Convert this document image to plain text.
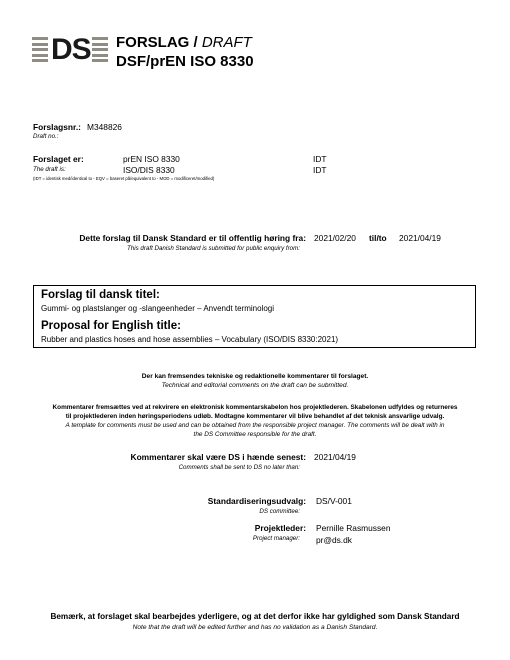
DS FORSLAG / DRAFT
DSF/prEN ISO 8330
Forslagsnr.:
Draft no.:
M348826
Forslaget er:
The draft is:
prEN ISO 8330	IDT
ISO/DIS 8330	IDT
(IDT = identisk med/identical to - EQV = baseret på/equivalent to - MOD = modificeret/modified)
Dette forslag til Dansk Standard er til offentlig høring fra:
This draft Danish Standard is submitted for public enquiry from:
2021/02/20 til/to 2021/04/19
Forslag til dansk titel:
Gummi- og plastslanger og -slangeenheder – Anvendt terminologi
Proposal for English title:
Rubber and plastics hoses and hose assemblies – Vocabulary (ISO/DIS 8330:2021)
Der kan fremsendes tekniske og redaktionelle kommentarer til forslaget.
Technical and editorial comments on the draft can be submitted.
Kommentarer fremsættes ved at rekvirere en elektronisk kommentarskabelon hos projektlederen. Skabelonen udfyldes og returneres
til projektlederen inden høringsperiodens udløb. Modtagne kommentarer vil blive behandlet af det teknisk ansvarlige udvalg.
A template for comments must be used and can be obtained from the responsible project manager. The comments will be dealt with in
the DS Committee responsible for the draft.
Kommentarer skal være DS i hænde senest:
Comments shall be sent to DS no later than:
2021/04/19
Standardiseringsudvalg:
DS committee:
DS/V-001
Projektleder:
Project manager:
Pernille Rasmussen
pr@ds.dk
Bemærk, at forslaget skal bearbejdes yderligere, og at det derfor ikke har gyldighed som Dansk Standard
Note that the draft will be edited further and has no validation as a Danish Standard.
